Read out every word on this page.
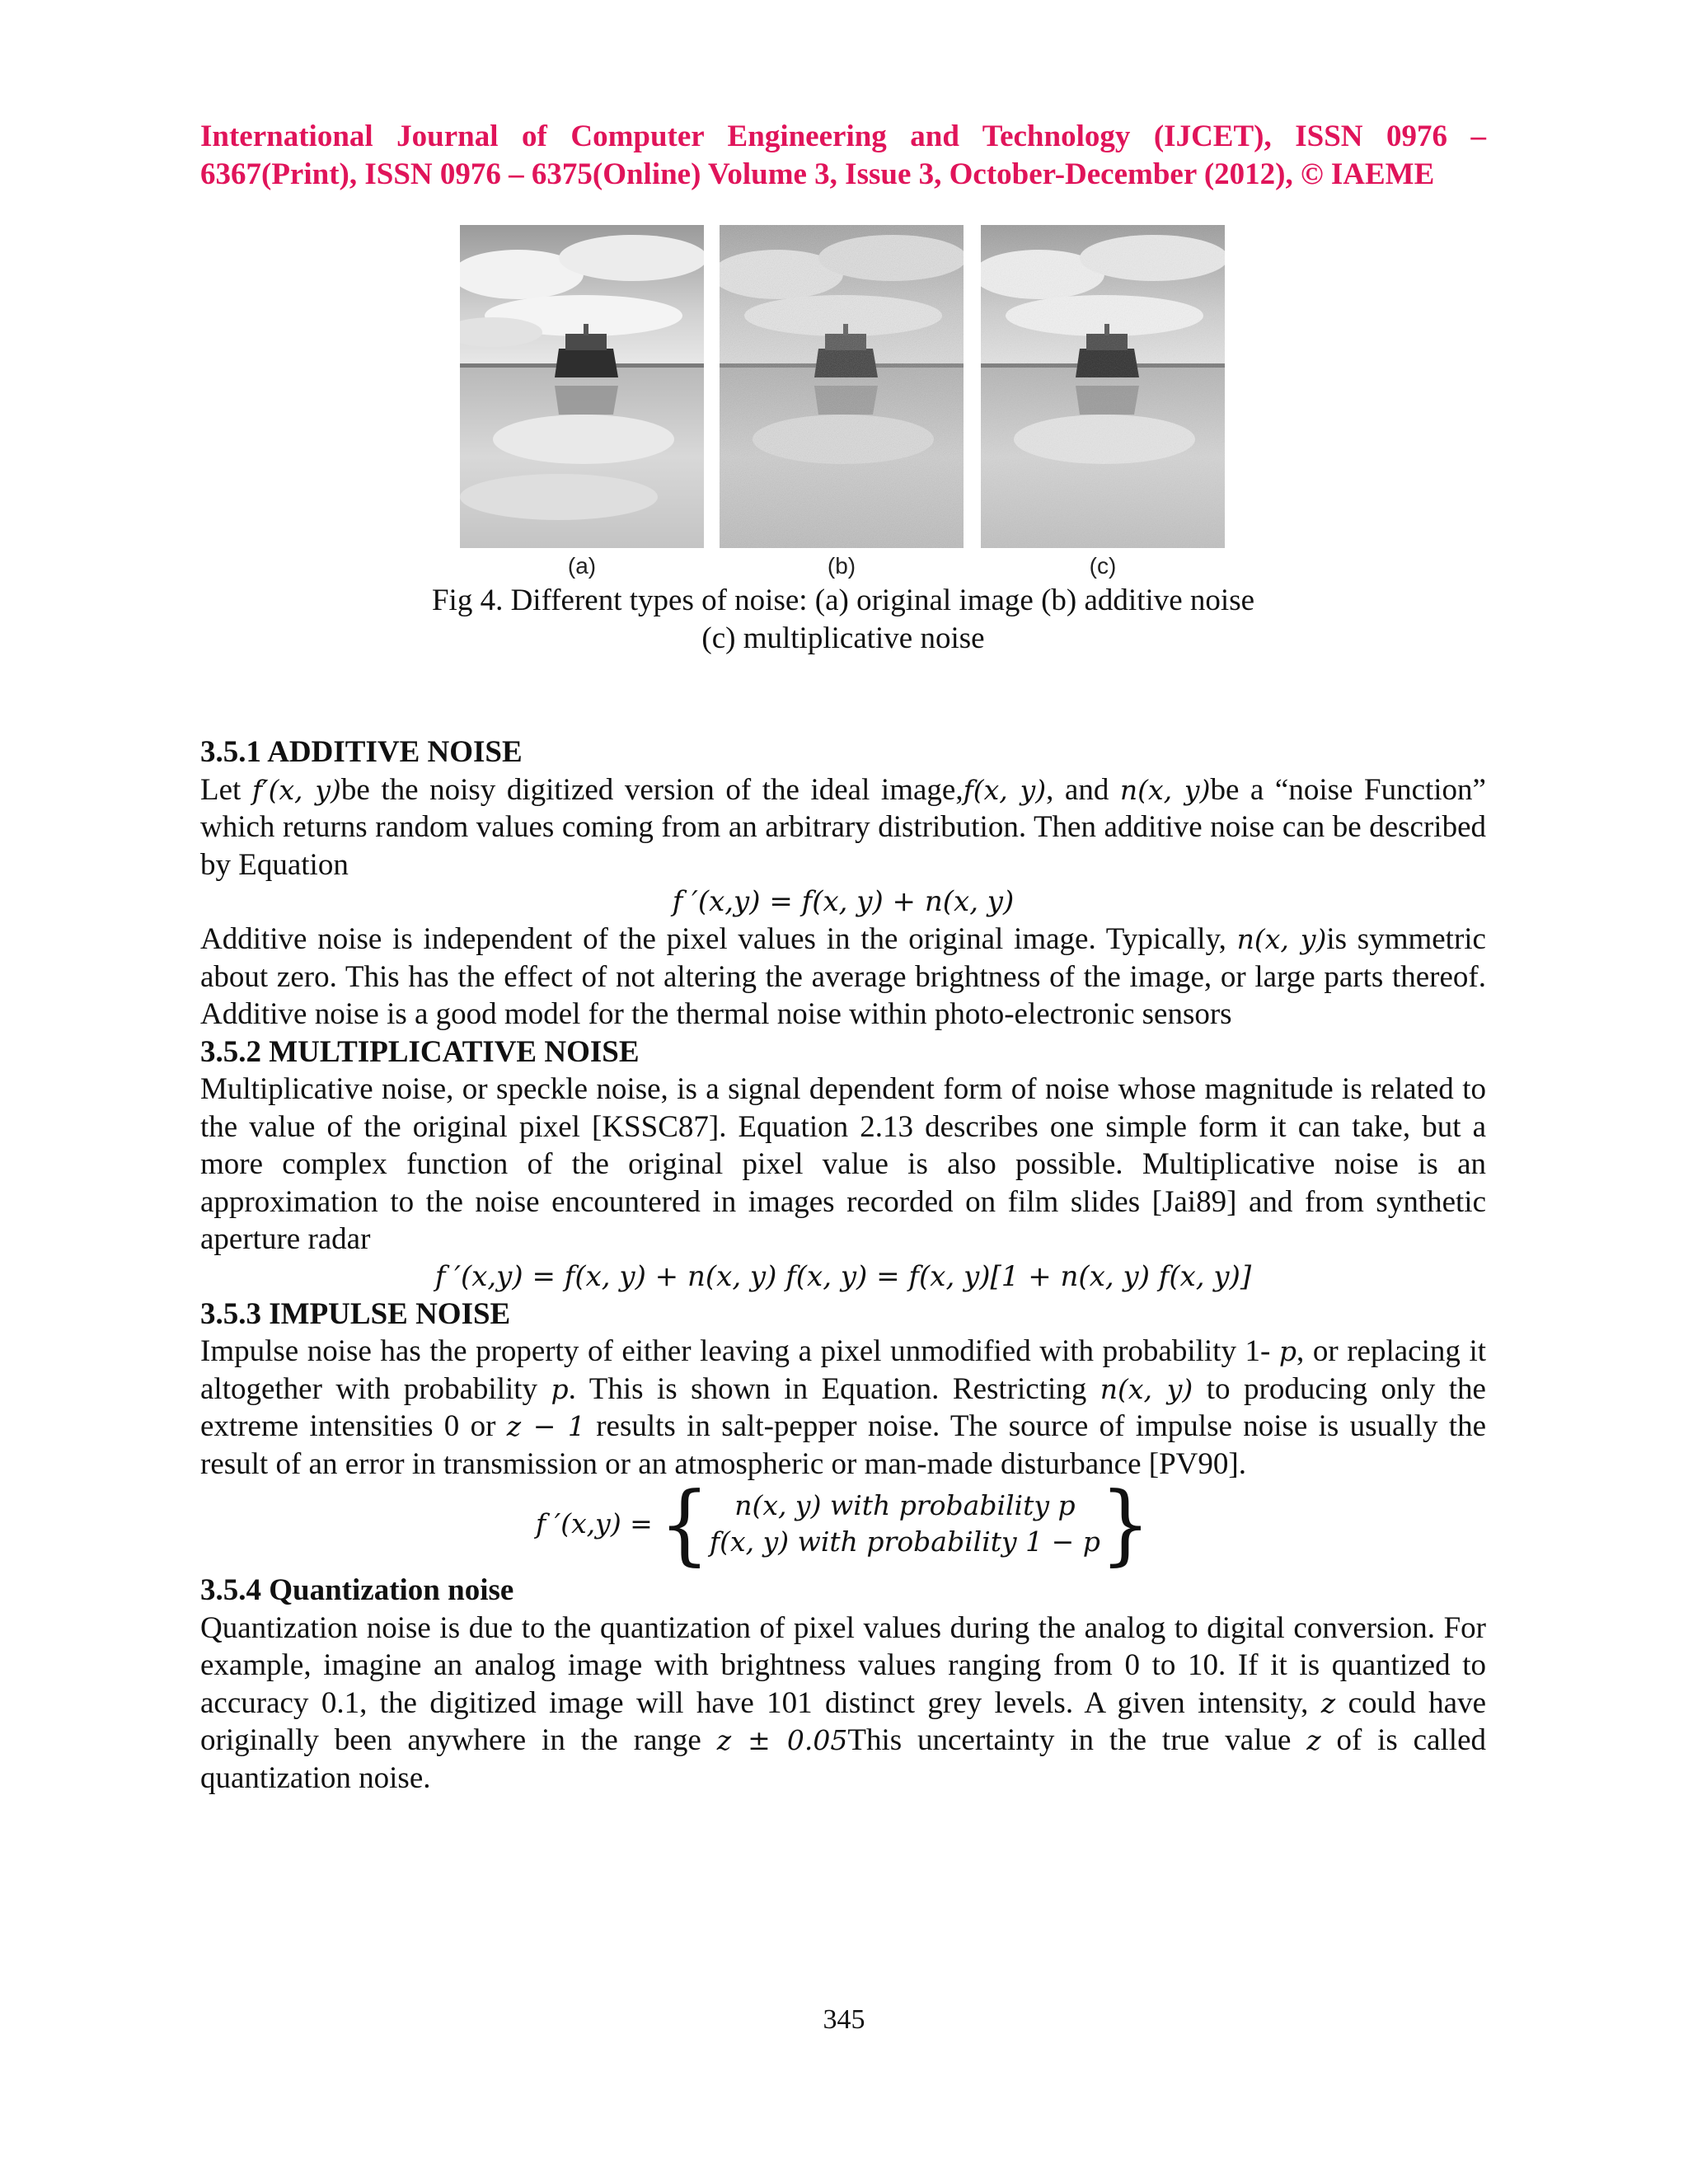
International Journal of Computer Engineering and Technology (IJCET), ISSN 0976 –
6367(Print), ISSN 0976 – 6375(Online) Volume 3, Issue 3, October-December (2012), © IAEME
(a)	(b)	(c)
Fig 4. Different types of noise: (a) original image (b) additive noise
(c) multiplicative noise
3.5.1 ADDITIVE NOISE

Let f′(x, y)be the noisy digitized version of the ideal image,f(x, y), and n(x, y)be a “noise Function” which returns random values coming from an arbitrary distribution. Then additive noise can be described by Equation

f ′(x,y) = f(x, y) + n(x, y)

Additive noise is independent of the pixel values in the original image. Typically, n(x, y)is symmetric about zero. This has the effect of not altering the average brightness of the image, or large parts thereof. Additive noise is a good model for the thermal noise within photo-electronic sensors

3.5.2 MULTIPLICATIVE NOISE

Multiplicative noise, or speckle noise, is a signal dependent form of noise whose magnitude is related to the value of the original pixel [KSSC87]. Equation 2.13 describes one simple form it can take, but a more complex function of the original pixel value is also possible. Multiplicative noise is an approximation to the noise encountered in images recorded on film slides [Jai89] and from synthetic aperture radar

f ′(x,y) = f(x, y) + n(x, y) f(x, y) = f(x, y)[1 + n(x, y) f(x, y)]
3.5.3 IMPULSE NOISE

Impulse noise has the property of either leaving a pixel unmodified with probability 1- p, or replacing it altogether with probability p. This is shown in Equation. Restricting n(x, y) to producing only the extreme intensities 0 or z − 1 results in salt-pepper noise. The source of impulse noise is usually the result of an error in transmission or an atmospheric or man-made disturbance [PV90].

f ′(x,y) = { n(x, y) with probability p
f(x, y) with probability 1 − p }
3.5.4 Quantization noise

Quantization noise is due to the quantization of pixel values during the analog to digital conversion. For example, imagine an analog image with brightness values ranging from 0 to 10. If it is quantized to accuracy 0.1, the digitized image will have 101 distinct grey levels. A given intensity, z could have originally been anywhere in the range z ± 0.05This uncertainty in the true value z of is called quantization noise.

345
